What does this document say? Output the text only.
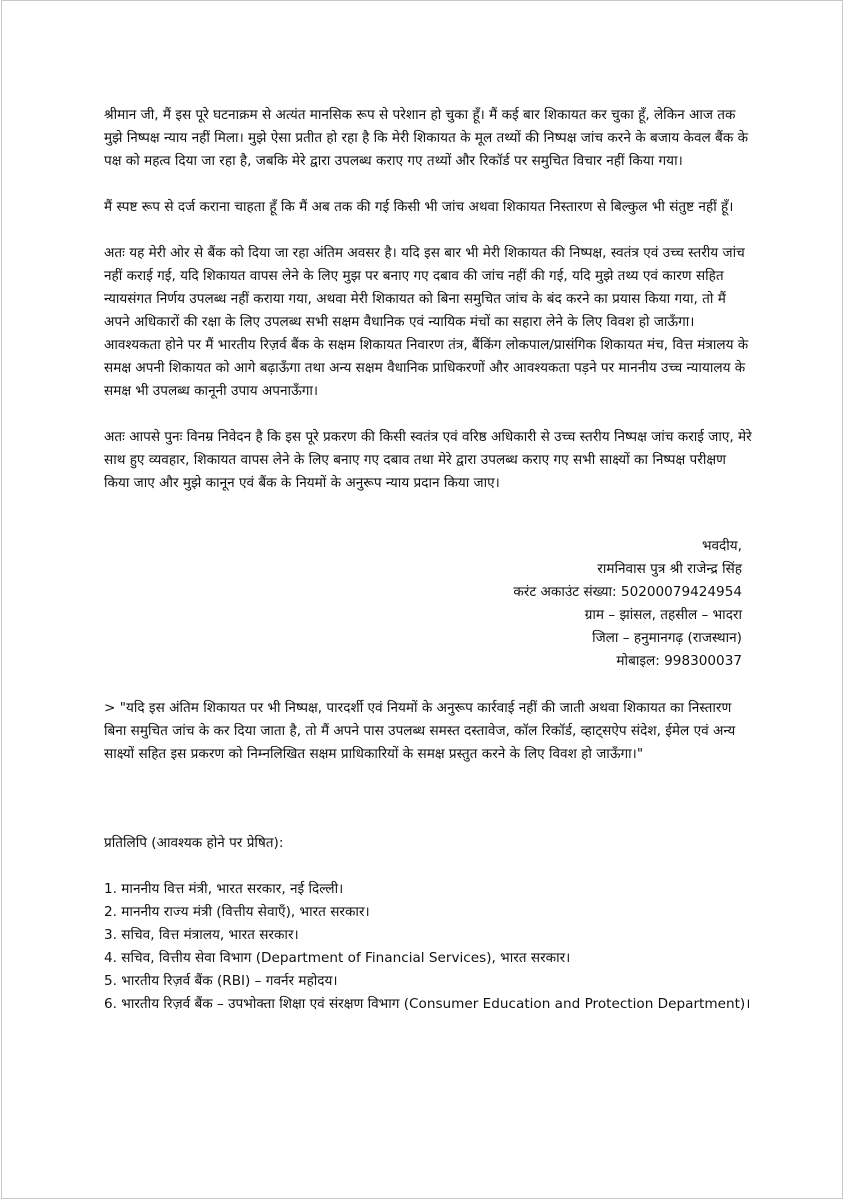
श्रीमान जी, मैं इस पूरे घटनाक्रम से अत्यंत मानसिक रूप से परेशान हो चुका हूँ। मैं कई बार शिकायत कर चुका हूँ, लेकिन आज तक मुझे निष्पक्ष न्याय नहीं मिला। मुझे ऐसा प्रतीत हो रहा है कि मेरी शिकायत के मूल तथ्यों की निष्पक्ष जांच करने के बजाय केवल बैंक के पक्ष को महत्व दिया जा रहा है, जबकि मेरे द्वारा उपलब्ध कराए गए तथ्यों और रिकॉर्ड पर समुचित विचार नहीं किया गया।

मैं स्पष्ट रूप से दर्ज कराना चाहता हूँ कि मैं अब तक की गई किसी भी जांच अथवा शिकायत निस्तारण से बिल्कुल भी संतुष्ट नहीं हूँ।

अतः यह मेरी ओर से बैंक को दिया जा रहा अंतिम अवसर है। यदि इस बार भी मेरी शिकायत की निष्पक्ष, स्वतंत्र एवं उच्च स्तरीय जांच नहीं कराई गई, यदि शिकायत वापस लेने के लिए मुझ पर बनाए गए दबाव की जांच नहीं की गई, यदि मुझे तथ्य एवं कारण सहित न्यायसंगत निर्णय उपलब्ध नहीं कराया गया, अथवा मेरी शिकायत को बिना समुचित जांच के बंद करने का प्रयास किया गया, तो मैं अपने अधिकारों की रक्षा के लिए उपलब्ध सभी सक्षम वैधानिक एवं न्यायिक मंचों का सहारा लेने के लिए विवश हो जाऊँगा। आवश्यकता होने पर मैं भारतीय रिज़र्व बैंक के सक्षम शिकायत निवारण तंत्र, बैंकिंग लोकपाल/प्रासंगिक शिकायत मंच, वित्त मंत्रालय के समक्ष अपनी शिकायत को आगे बढ़ाऊँगा तथा अन्य सक्षम वैधानिक प्राधिकरणों और आवश्यकता पड़ने पर माननीय उच्च न्यायालय के समक्ष भी उपलब्ध कानूनी उपाय अपनाऊँगा।

अतः आपसे पुनः विनम्र निवेदन है कि इस पूरे प्रकरण की किसी स्वतंत्र एवं वरिष्ठ अधिकारी से उच्च स्तरीय निष्पक्ष जांच कराई जाए, मेरे साथ हुए व्यवहार, शिकायत वापस लेने के लिए बनाए गए दबाव तथा मेरे द्वारा उपलब्ध कराए गए सभी साक्ष्यों का निष्पक्ष परीक्षण किया जाए और मुझे कानून एवं बैंक के नियमों के अनुरूप न्याय प्रदान किया जाए।

भवदीय,
रामनिवास पुत्र श्री राजेन्द्र सिंह
करंट अकाउंट संख्या: 50200079424954
ग्राम – झांसल, तहसील – भादरा
जिला – हनुमानगढ़ (राजस्थान)
मोबाइल: 998300037

> "यदि इस अंतिम शिकायत पर भी निष्पक्ष, पारदर्शी एवं नियमों के अनुरूप कार्रवाई नहीं की जाती अथवा शिकायत का निस्तारण बिना समुचित जांच के कर दिया जाता है, तो मैं अपने पास उपलब्ध समस्त दस्तावेज, कॉल रिकॉर्ड, व्हाट्सऐप संदेश, ईमेल एवं अन्य साक्ष्यों सहित इस प्रकरण को निम्नलिखित सक्षम प्राधिकारियों के समक्ष प्रस्तुत करने के लिए विवश हो जाऊँगा।"

प्रतिलिपि (आवश्यक होने पर प्रेषित):
1. माननीय वित्त मंत्री, भारत सरकार, नई दिल्ली।
2. माननीय राज्य मंत्री (वित्तीय सेवाएँ), भारत सरकार।
3. सचिव, वित्त मंत्रालय, भारत सरकार।
4. सचिव, वित्तीय सेवा विभाग (Department of Financial Services), भारत सरकार।
5. भारतीय रिज़र्व बैंक (RBI) – गवर्नर महोदय।
6. भारतीय रिज़र्व बैंक – उपभोक्ता शिक्षा एवं संरक्षण विभाग (Consumer Education and Protection Department)।
